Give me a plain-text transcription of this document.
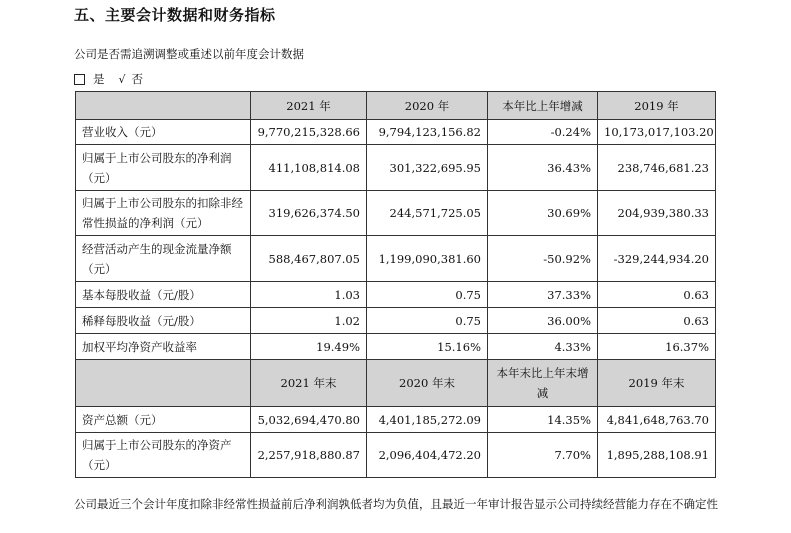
五、主要会计数据和财务指标
公司是否需追溯调整或重述以前年度会计数据
是 √ 否
	2021 年	2020 年	本年比上年增减	2019 年
营业收入（元）	9,770,215,328.66	9,794,123,156.82	-0.24%	10,173,017,103.20
归属于上市公司股东的净利润（元）	411,108,814.08	301,322,695.95	36.43%	238,746,681.23
归属于上市公司股东的扣除非经常性损益的净利润（元）	319,626,374.50	244,571,725.05	30.69%	204,939,380.33
经营活动产生的现金流量净额（元）	588,467,807.05	1,199,090,381.60	-50.92%	-329,244,934.20
基本每股收益（元/股）	1.03	0.75	37.33%	0.63
稀释每股收益（元/股）	1.02	0.75	36.00%	0.63
加权平均净资产收益率	19.49%	15.16%	4.33%	16.37%
	2021 年末	2020 年末	本年末比上年末增减	2019 年末
资产总额（元）	5,032,694,470.80	4,401,185,272.09	14.35%	4,841,648,763.70
归属于上市公司股东的净资产（元）	2,257,918,880.87	2,096,404,472.20	7.70%	1,895,288,108.91
公司最近三个会计年度扣除非经常性损益前后净利润孰低者均为负值，且最近一年审计报告显示公司持续经营能力存在不确定性
